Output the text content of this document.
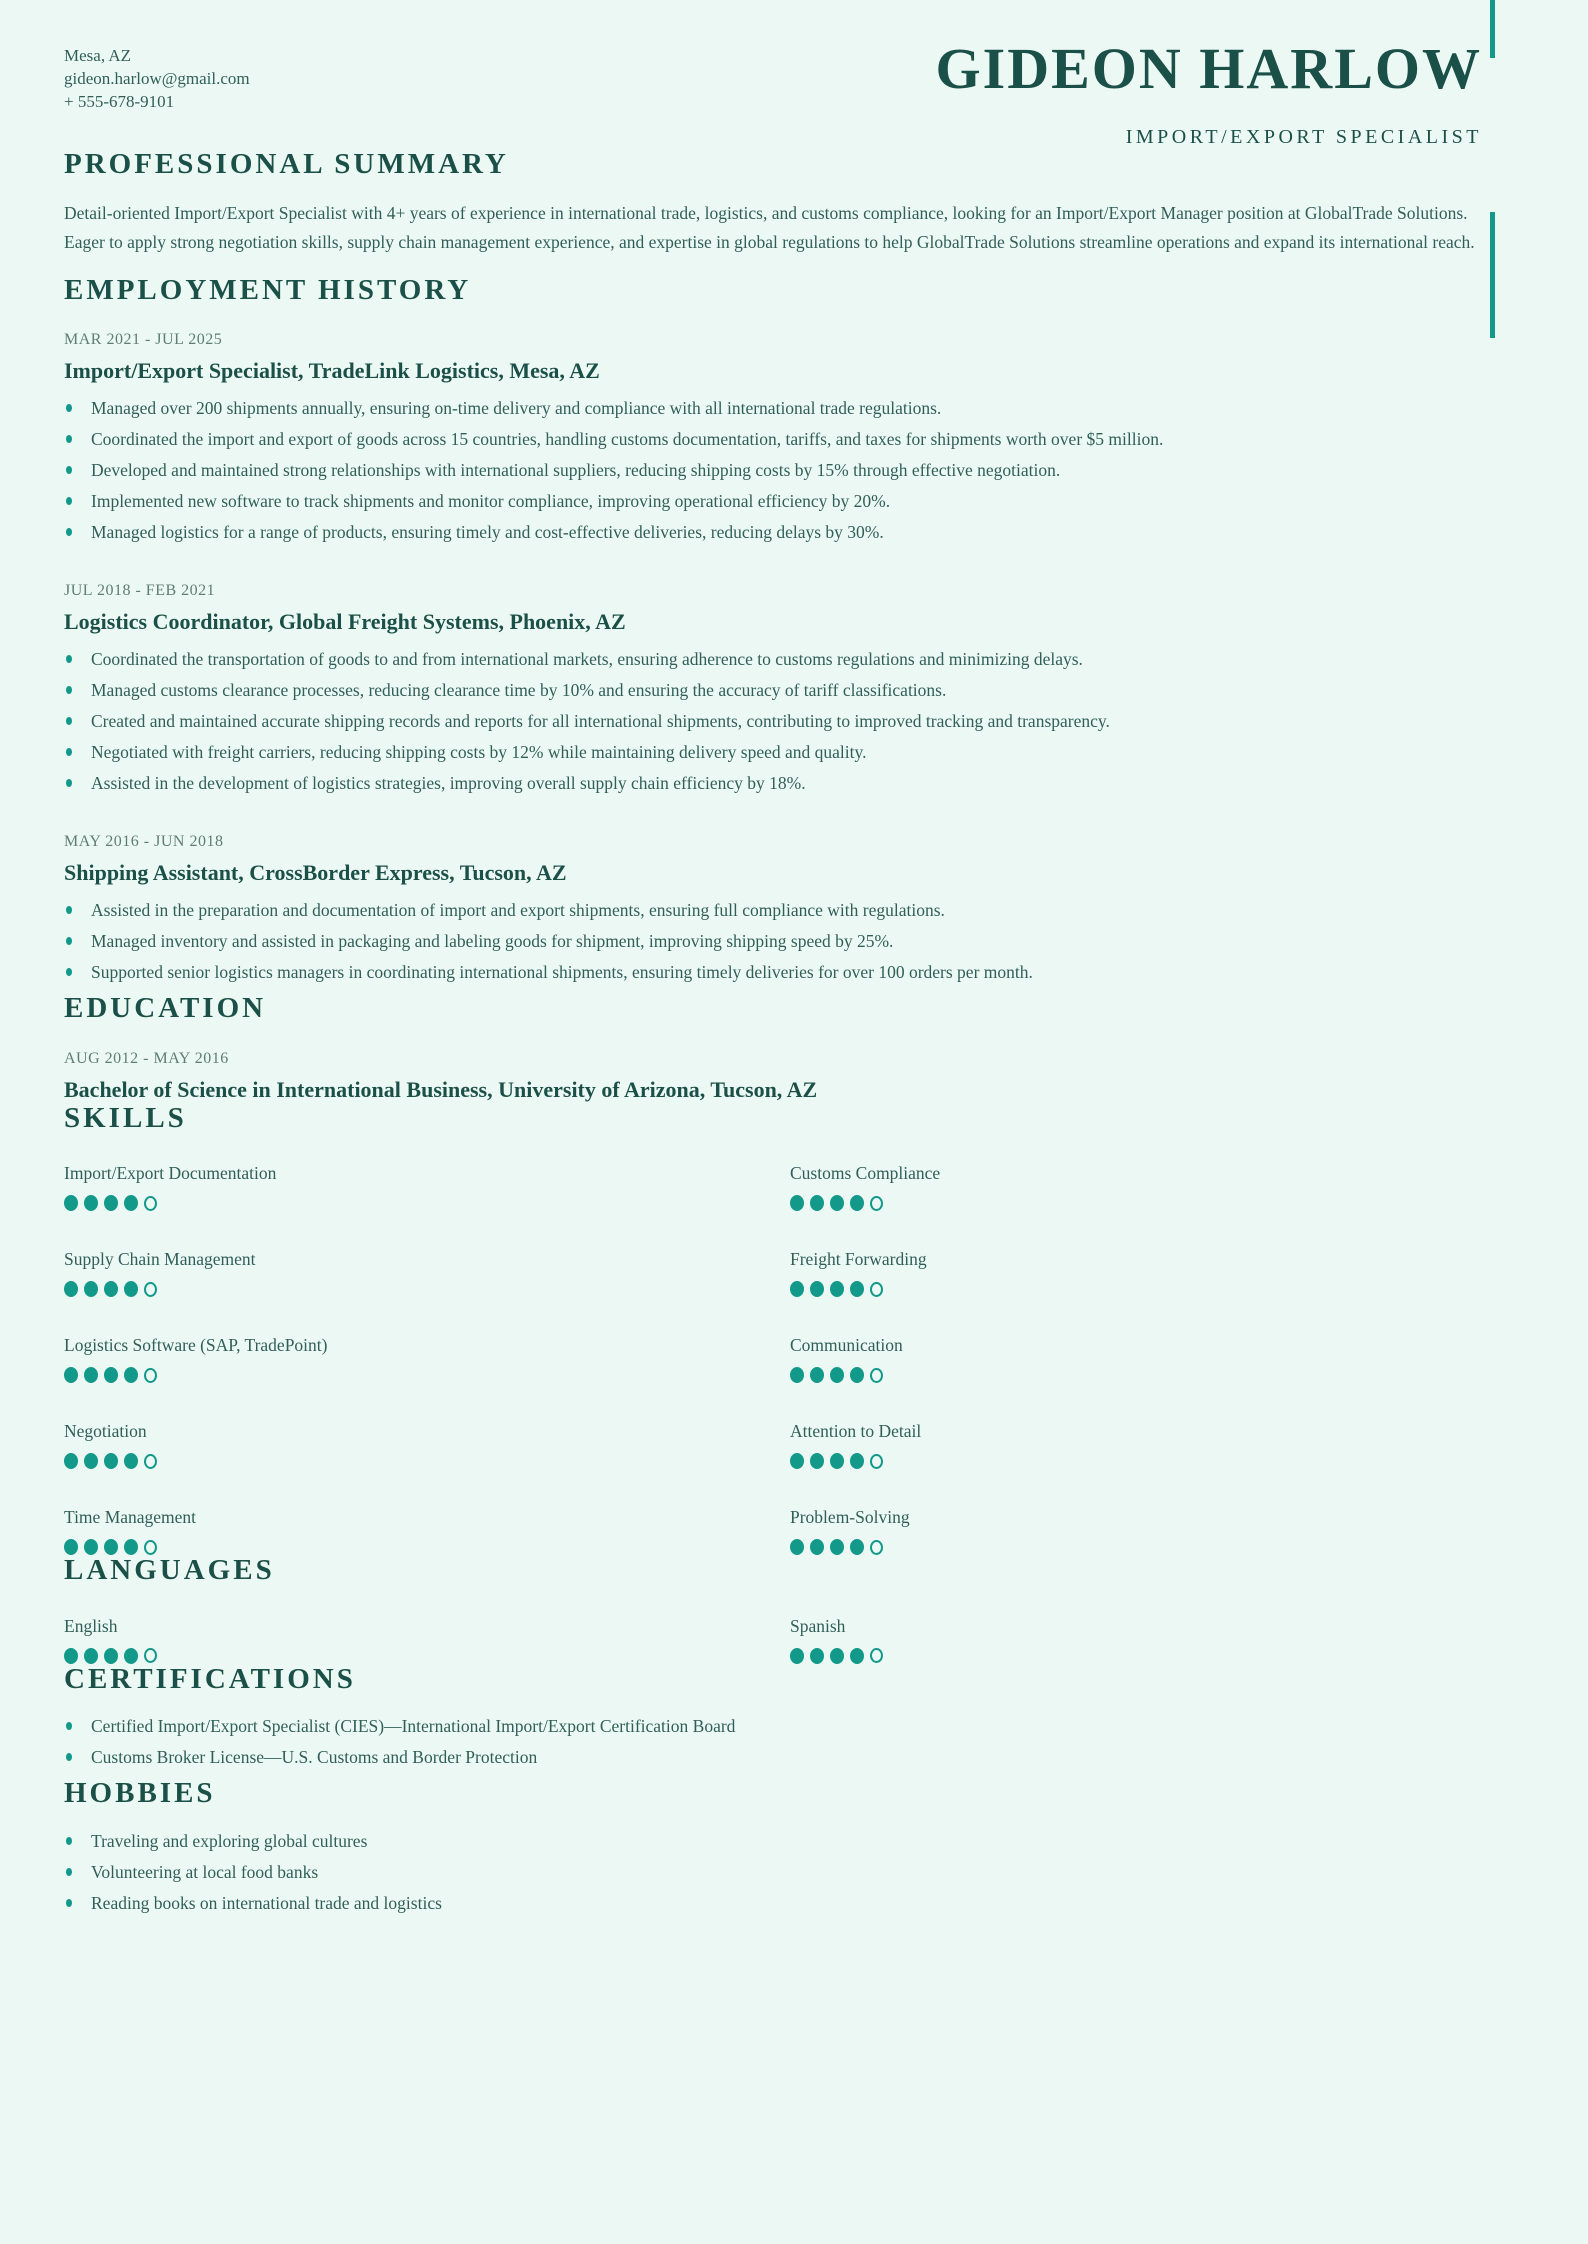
Mesa, AZ
gideon.harlow@gmail.com
+ 555-678-9101
GIDEON HARLOW
IMPORT/EXPORT SPECIALIST
PROFESSIONAL SUMMARY

Detail-oriented Import/Export Specialist with 4+ years of experience in international trade, logistics, and customs compliance, looking for an Import/Export Manager position at GlobalTrade Solutions. Eager to apply strong negotiation skills, supply chain management experience, and expertise in global regulations to help GlobalTrade Solutions streamline operations and expand its international reach.

EMPLOYMENT HISTORY
MAR 2021 - JUL 2025
Import/Export Specialist, TradeLink Logistics, Mesa, AZ
Managed over 200 shipments annually, ensuring on-time delivery and compliance with all international trade regulations.
Coordinated the import and export of goods across 15 countries, handling customs documentation, tariffs, and taxes for shipments worth over $5 million.
Developed and maintained strong relationships with international suppliers, reducing shipping costs by 15% through effective negotiation.
Implemented new software to track shipments and monitor compliance, improving operational efficiency by 20%.
Managed logistics for a range of products, ensuring timely and cost-effective deliveries, reducing delays by 30%.
JUL 2018 - FEB 2021
Logistics Coordinator, Global Freight Systems, Phoenix, AZ
Coordinated the transportation of goods to and from international markets, ensuring adherence to customs regulations and minimizing delays.
Managed customs clearance processes, reducing clearance time by 10% and ensuring the accuracy of tariff classifications.
Created and maintained accurate shipping records and reports for all international shipments, contributing to improved tracking and transparency.
Negotiated with freight carriers, reducing shipping costs by 12% while maintaining delivery speed and quality.
Assisted in the development of logistics strategies, improving overall supply chain efficiency by 18%.
MAY 2016 - JUN 2018
Shipping Assistant, CrossBorder Express, Tucson, AZ
Assisted in the preparation and documentation of import and export shipments, ensuring full compliance with regulations.
Managed inventory and assisted in packaging and labeling goods for shipment, improving shipping speed by 25%.
Supported senior logistics managers in coordinating international shipments, ensuring timely deliveries for over 100 orders per month.
EDUCATION
AUG 2012 - MAY 2016
Bachelor of Science in International Business, University of Arizona, Tucson, AZ
SKILLS
Import/Export Documentation	Customs Compliance
Supply Chain Management	Freight Forwarding
Logistics Software (SAP, TradePoint)	Communication
Negotiation	Attention to Detail
Time Management	Problem-Solving
LANGUAGES
English	Spanish
CERTIFICATIONS
Certified Import/Export Specialist (CIES)—International Import/Export Certification Board
Customs Broker License—U.S. Customs and Border Protection
HOBBIES
Traveling and exploring global cultures
Volunteering at local food banks
Reading books on international trade and logistics
